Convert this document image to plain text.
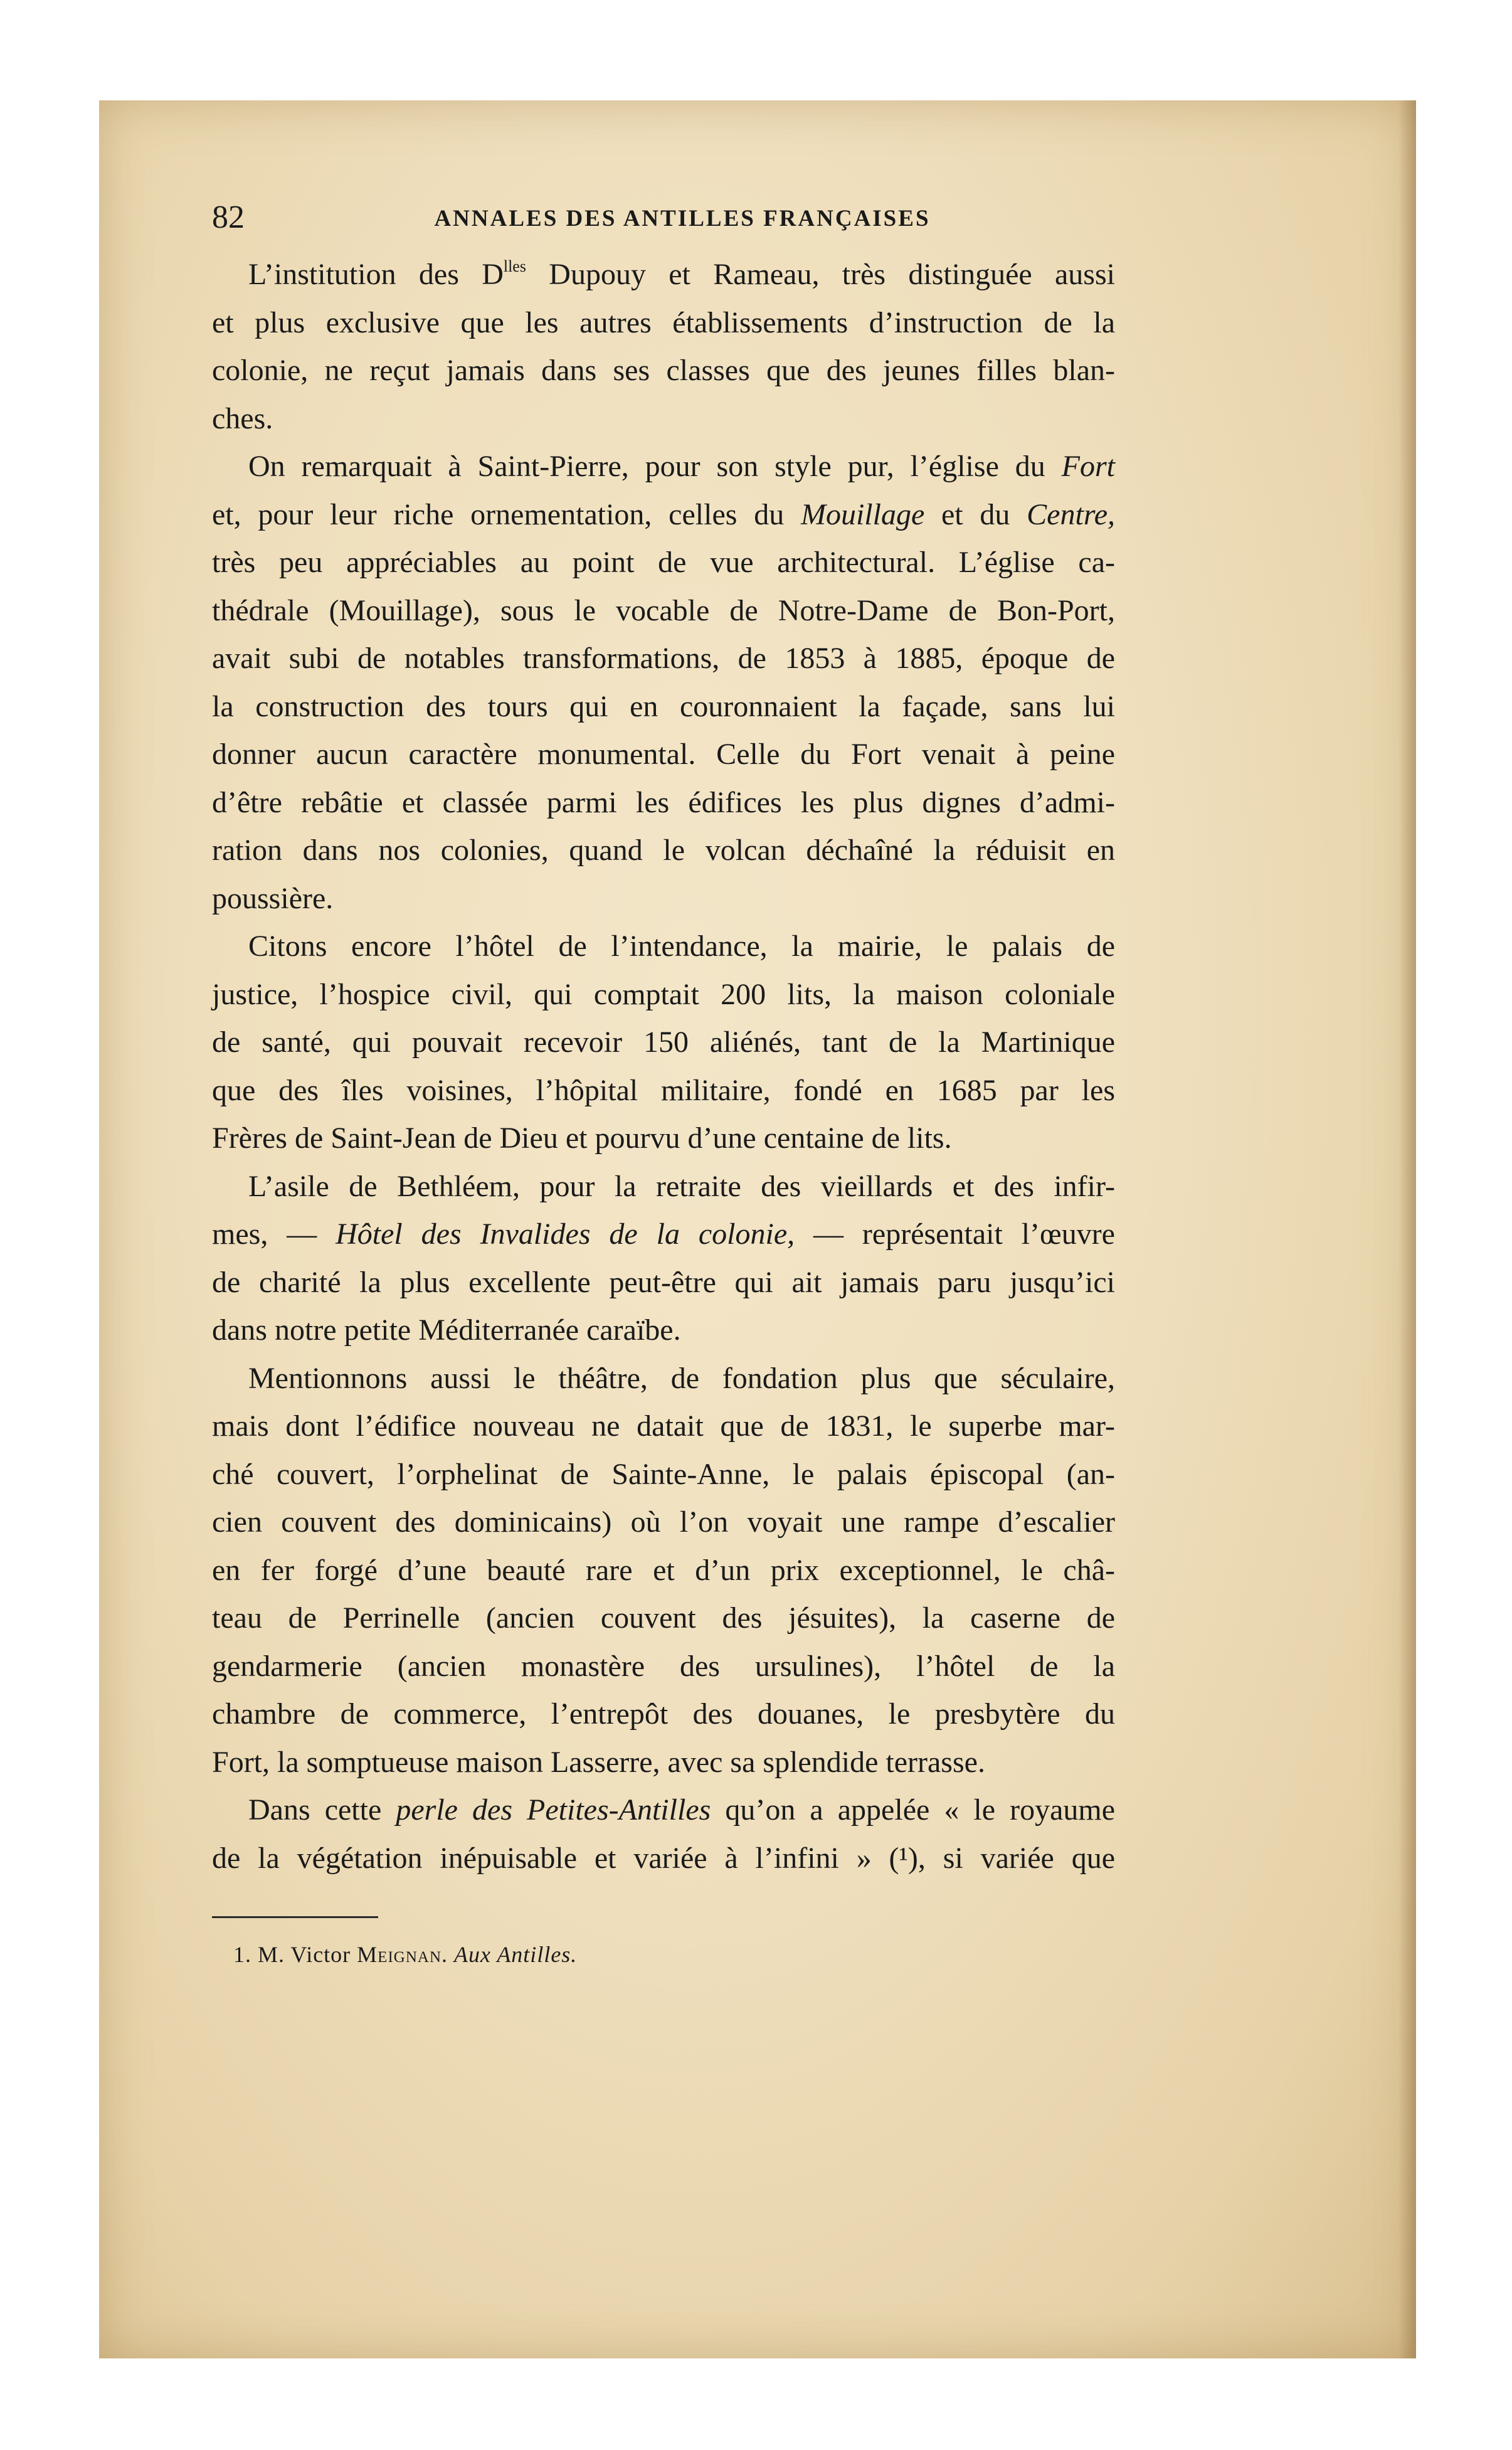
82	ANNALES DES ANTILLES FRANÇAISES
L’institution des $D^{lles}$ Dupouy et Rameau, très distinguée aussi
et plus exclusive que les autres établissements d’instruction de la
colonie, ne reçut jamais dans ses classes que des jeunes filles blan-
ches.
On remarquait à Saint-Pierre, pour son style pur, l’église du Fort
et, pour leur riche ornementation, celles du Mouillage et du Centre,
très peu appréciables au point de vue architectural. L’église ca-
thédrale (Mouillage), sous le vocable de Notre-Dame de Bon-Port,
avait subi de notables transformations, de 1853 à 1885, époque de
la construction des tours qui en couronnaient la façade, sans lui
donner aucun caractère monumental. Celle du Fort venait à peine
d’être rebâtie et classée parmi les édifices les plus dignes d’admi-
ration dans nos colonies, quand le volcan déchaîné la réduisit en
poussière.
Citons encore l’hôtel de l’intendance, la mairie, le palais de
justice, l’hospice civil, qui comptait 200 lits, la maison coloniale
de santé, qui pouvait recevoir 150 aliénés, tant de la Martinique
que des îles voisines, l’hôpital militaire, fondé en 1685 par les
Frères de Saint-Jean de Dieu et pourvu d’une centaine de lits.
L’asile de Bethléem, pour la retraite des vieillards et des infir-
mes, — Hôtel des Invalides de la colonie, — représentait l’œuvre
de charité la plus excellente peut-être qui ait jamais paru jusqu’ici
dans notre petite Méditerranée caraïbe.
Mentionnons aussi le théâtre, de fondation plus que séculaire,
mais dont l’édifice nouveau ne datait que de 1831, le superbe mar-
ché couvert, l’orphelinat de Sainte-Anne, le palais épiscopal (an-
cien couvent des dominicains) où l’on voyait une rampe d’escalier
en fer forgé d’une beauté rare et d’un prix exceptionnel, le châ-
teau de Perrinelle (ancien couvent des jésuites), la caserne de
gendarmerie (ancien monastère des ursulines), l’hôtel de la
chambre de commerce, l’entrepôt des douanes, le presbytère du
Fort, la somptueuse maison Lasserre, avec sa splendide terrasse.
Dans cette perle des Petites-Antilles qu’on a appelée « le royaume
de la végétation inépuisable et variée à l’infini » (¹), si variée que
1. M. Victor Meignan. Aux Antilles.
